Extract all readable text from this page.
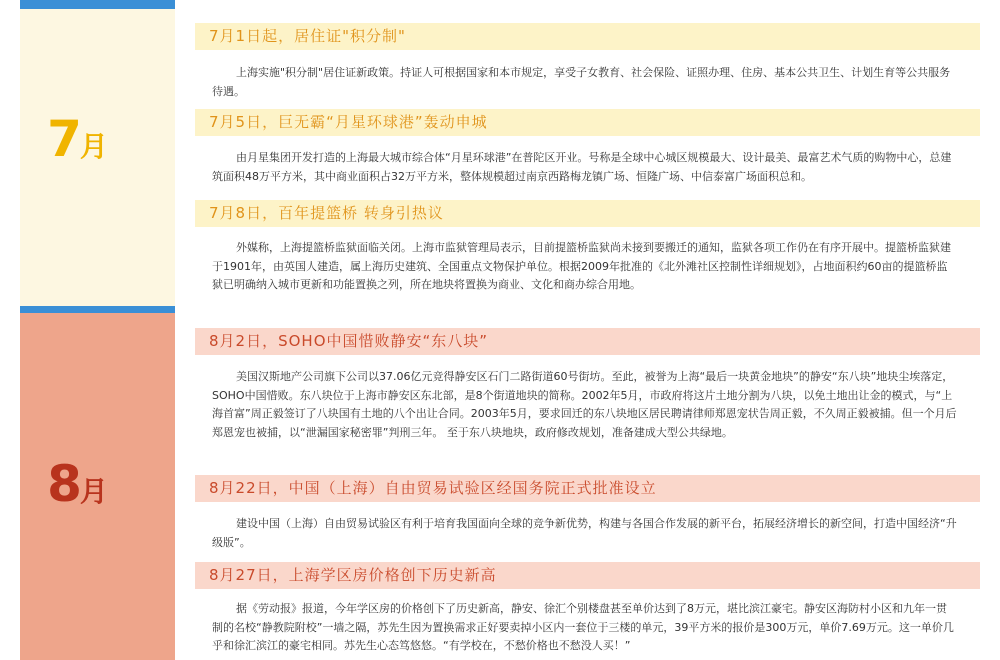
7月
8月
7月1日起，居住证"积分制"

上海实施"积分制"居住证新政策。持证人可根据国家和本市规定，享受子女教育、社会保险、证照办理、住房、基本公共卫生、计划生育等公共服务待遇。

7月5日，巨无霸“月星环球港”轰动申城

由月星集团开发打造的上海最大城市综合体“月星环球港”在普陀区开业。号称是全球中心城区规模最大、设计最美、最富艺术气质的购物中心，总建筑面积48万平方米，其中商业面积占32万平方米，整体规模超过南京西路梅龙镇广场、恒隆广场、中信泰富广场面积总和。

7月8日，百年提篮桥 转身引热议

外媒称，上海提篮桥监狱面临关闭。上海市监狱管理局表示，目前提篮桥监狱尚未接到要搬迁的通知，监狱各项工作仍在有序开展中。提篮桥监狱建于1901年，由英国人建造，属上海历史建筑、全国重点文物保护单位。根据2009年批准的《北外滩社区控制性详细规划》，占地面积约60亩的提篮桥监狱已明确纳入城市更新和功能置换之列，所在地块将置换为商业、文化和商办综合用地。

8月2日，SOHO中国惜败静安“东八块”

美国汉斯地产公司旗下公司以37.06亿元竞得静安区石门二路街道60号街坊。至此，被誉为上海“最后一块黄金地块”的静安“东八块”地块尘埃落定，SOHO中国惜败。东八块位于上海市静安区东北部，是8个街道地块的简称。2002年5月，市政府将这片土地分割为八块，以免土地出让金的模式，与“上海首富”周正毅签订了八块国有土地的八个出让合同。2003年5月，要求回迁的东八块地区居民聘请律师郑恩宠状告周正毅，不久周正毅被捕。但一个月后郑恩宠也被捕，以“泄漏国家秘密罪”判刑三年。 至于东八块地块，政府修改规划，准备建成大型公共绿地。

8月22日，中国（上海）自由贸易试验区经国务院正式批准设立

建设中国（上海）自由贸易试验区有利于培育我国面向全球的竞争新优势，构建与各国合作发展的新平台，拓展经济增长的新空间，打造中国经济“升级版”。

8月27日，上海学区房价格创下历史新高

据《劳动报》报道，今年学区房的价格创下了历史新高，静安、徐汇个别楼盘甚至单价达到了8万元，堪比滨江豪宅。静安区海防村小区和九年一贯制的名校“静教院附校”一墙之隔，苏先生因为置换需求正好要卖掉小区内一套位于三楼的单元，39平方米的报价是300万元，单价7.69万元。这一单价几乎和徐汇滨江的豪宅相同。苏先生心态笃悠悠。“有学校在，不愁价格也不愁没人买！”
